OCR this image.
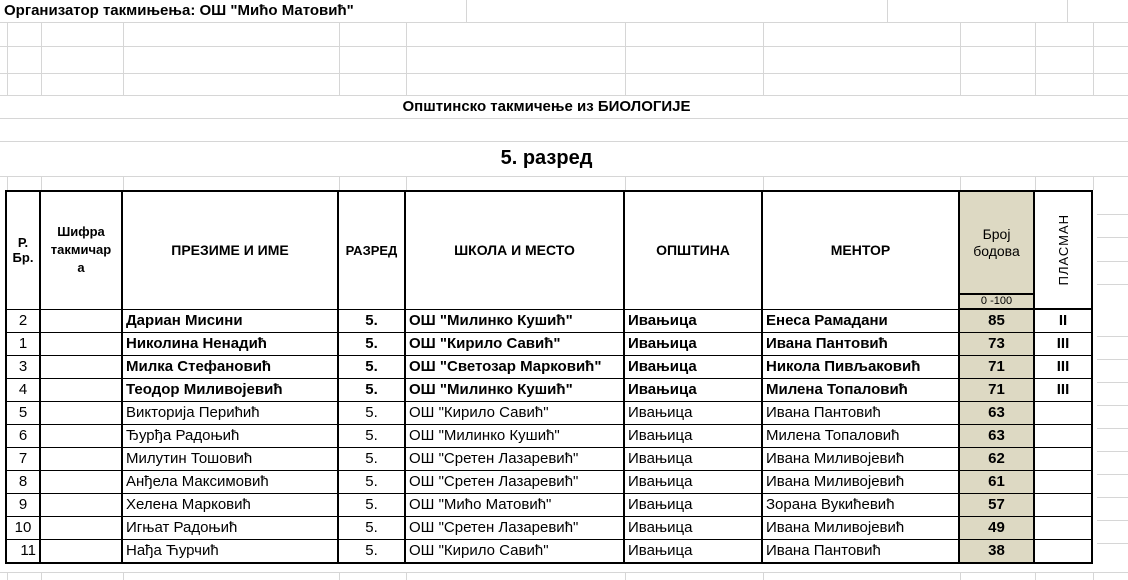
Организатор такмињења: ОШ "Мићо Матовић"
Општинско такмичење из БИОЛОГИЈЕ
5. разред
Р. Бр.	Шифра такмичара	ПРЕЗИМЕ И ИМЕ	РАЗРЕД	ШКОЛА И МЕСТО	ОПШТИНА	МЕНТОР	Број бодова	ПЛАСМАН

							0 -100	
2		Дариан Мисини	5.	ОШ "Милинко Кушић"	Ивањица	Енеса Рамадани	85	II
1		Николина Ненадић	5.	ОШ "Кирило Савић"	Ивањица	Ивана Пантовић	73	III
3		Милка Стефановић	5.	ОШ "Светозар Марковић"	Ивањица	Никола Пивљаковић	71	III
4		Теодор Миливојевић	5.	ОШ "Милинко Кушић"	Ивањица	Милена Топаловић	71	III
5		Викторија Перићић	5.	ОШ "Кирило Савић"	Ивањица	Ивана Пантовић	63	
6		Ђурђа Радоњић	5.	ОШ "Милинко Кушић"	Ивањица	Милена Топаловић	63	
7		Милутин Тошовић	5.	ОШ "Сретен Лазаревић"	Ивањица	Ивана Миливојевић	62	
8		Анђела Максимовић	5.	ОШ "Сретен Лазаревић"	Ивањица	Ивана Миливојевић	61	
9		Хелена Марковић	5.	ОШ "Мићо Матовић"	Ивањица	Зорана Вукићевић	57	
10		Игњат Радоњић	5.	ОШ "Сретен Лазаревић"	Ивањица	Ивана Миливојевић	49	
11		Нађа Ћурчић	5.	ОШ "Кирило Савић"	Ивањица	Ивана Пантовић	38	
